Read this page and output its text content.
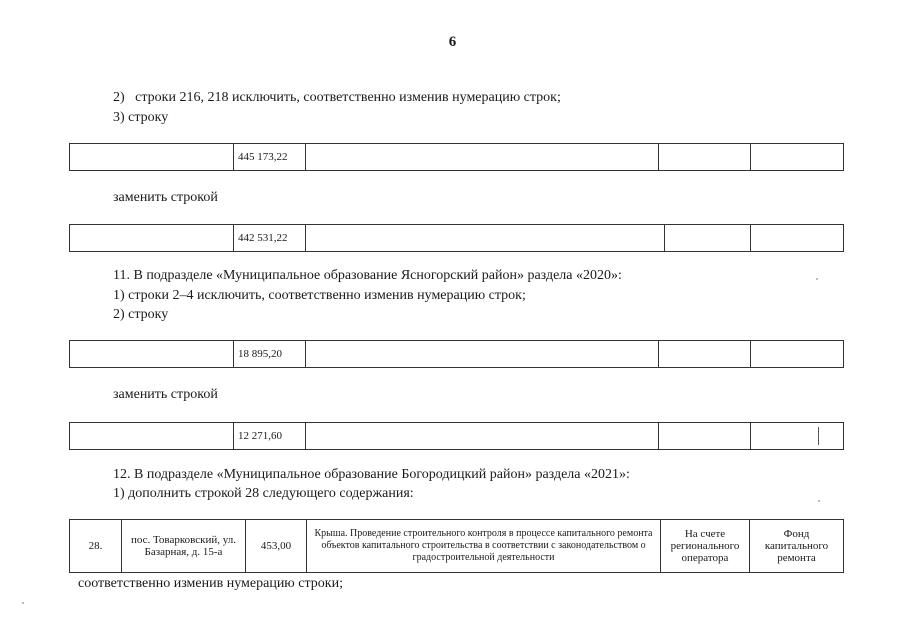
6
2)   строки 216, 218 исключить, соответственно изменив нумерацию строк;
3) строку
	445 173,22			
заменить строкой
	442 531,22			
11. В подразделе «Муниципальное образование Ясногорский район» раздела «2020»:
1) строки 2–4 исключить, соответственно изменив нумерацию строк;
2) строку
	18 895,20			
заменить строкой
	12 271,60			
12. В подразделе «Муниципальное образование Богородицкий район» раздела «2021»:
1) дополнить строкой 28 следующего содержания:
28.	пос. Товарковский, ул. Базарная, д. 15-а	453,00	Крыша. Проведение строительного контроля в процессе капитального ремонта объектов капитального строительства в соответствии с законодательством о градостроительной деятельности	На счете регионального оператора	Фонд капитального ремонта
соответственно изменив нумерацию строки;
